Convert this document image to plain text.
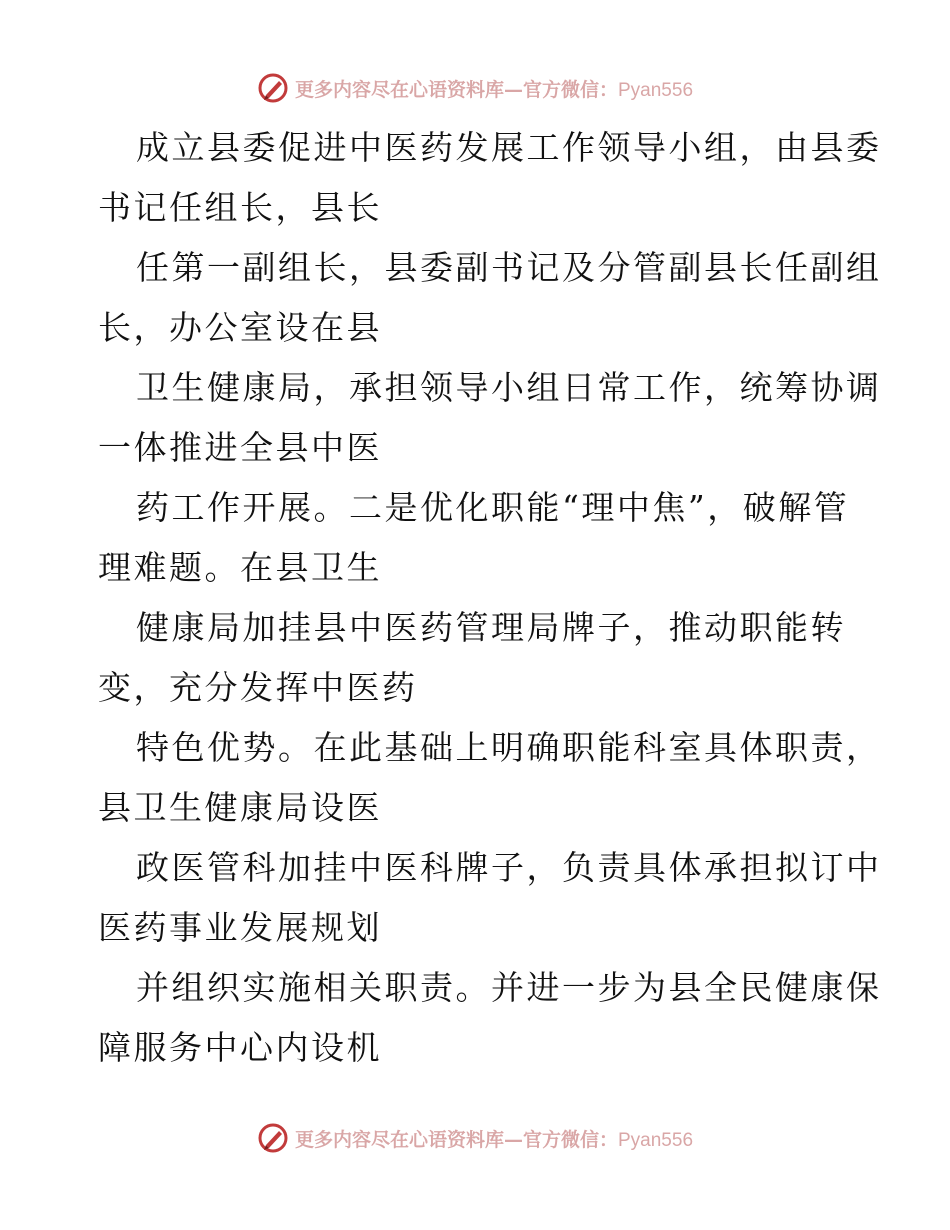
更多内容尽在心语资料库—官方微信：Pyan556

成立县委促进中医药发展工作领导小组，由县委
书记任组长，县长

任第一副组长，县委副书记及分管副县长任副组
长，办公室设在县

卫生健康局，承担领导小组日常工作，统筹协调
一体推进全县中医

药工作开展。二是优化职能“理中焦”，破解管
理难题。在县卫生

健康局加挂县中医药管理局牌子，推动职能转
变，充分发挥中医药

特色优势。在此基础上明确职能科室具体职责，
县卫生健康局设医

政医管科加挂中医科牌子，负责具体承担拟订中
医药事业发展规划

并组织实施相关职责。并进一步为县全民健康保
障服务中心内设机

更多内容尽在心语资料库—官方微信：Pyan556
